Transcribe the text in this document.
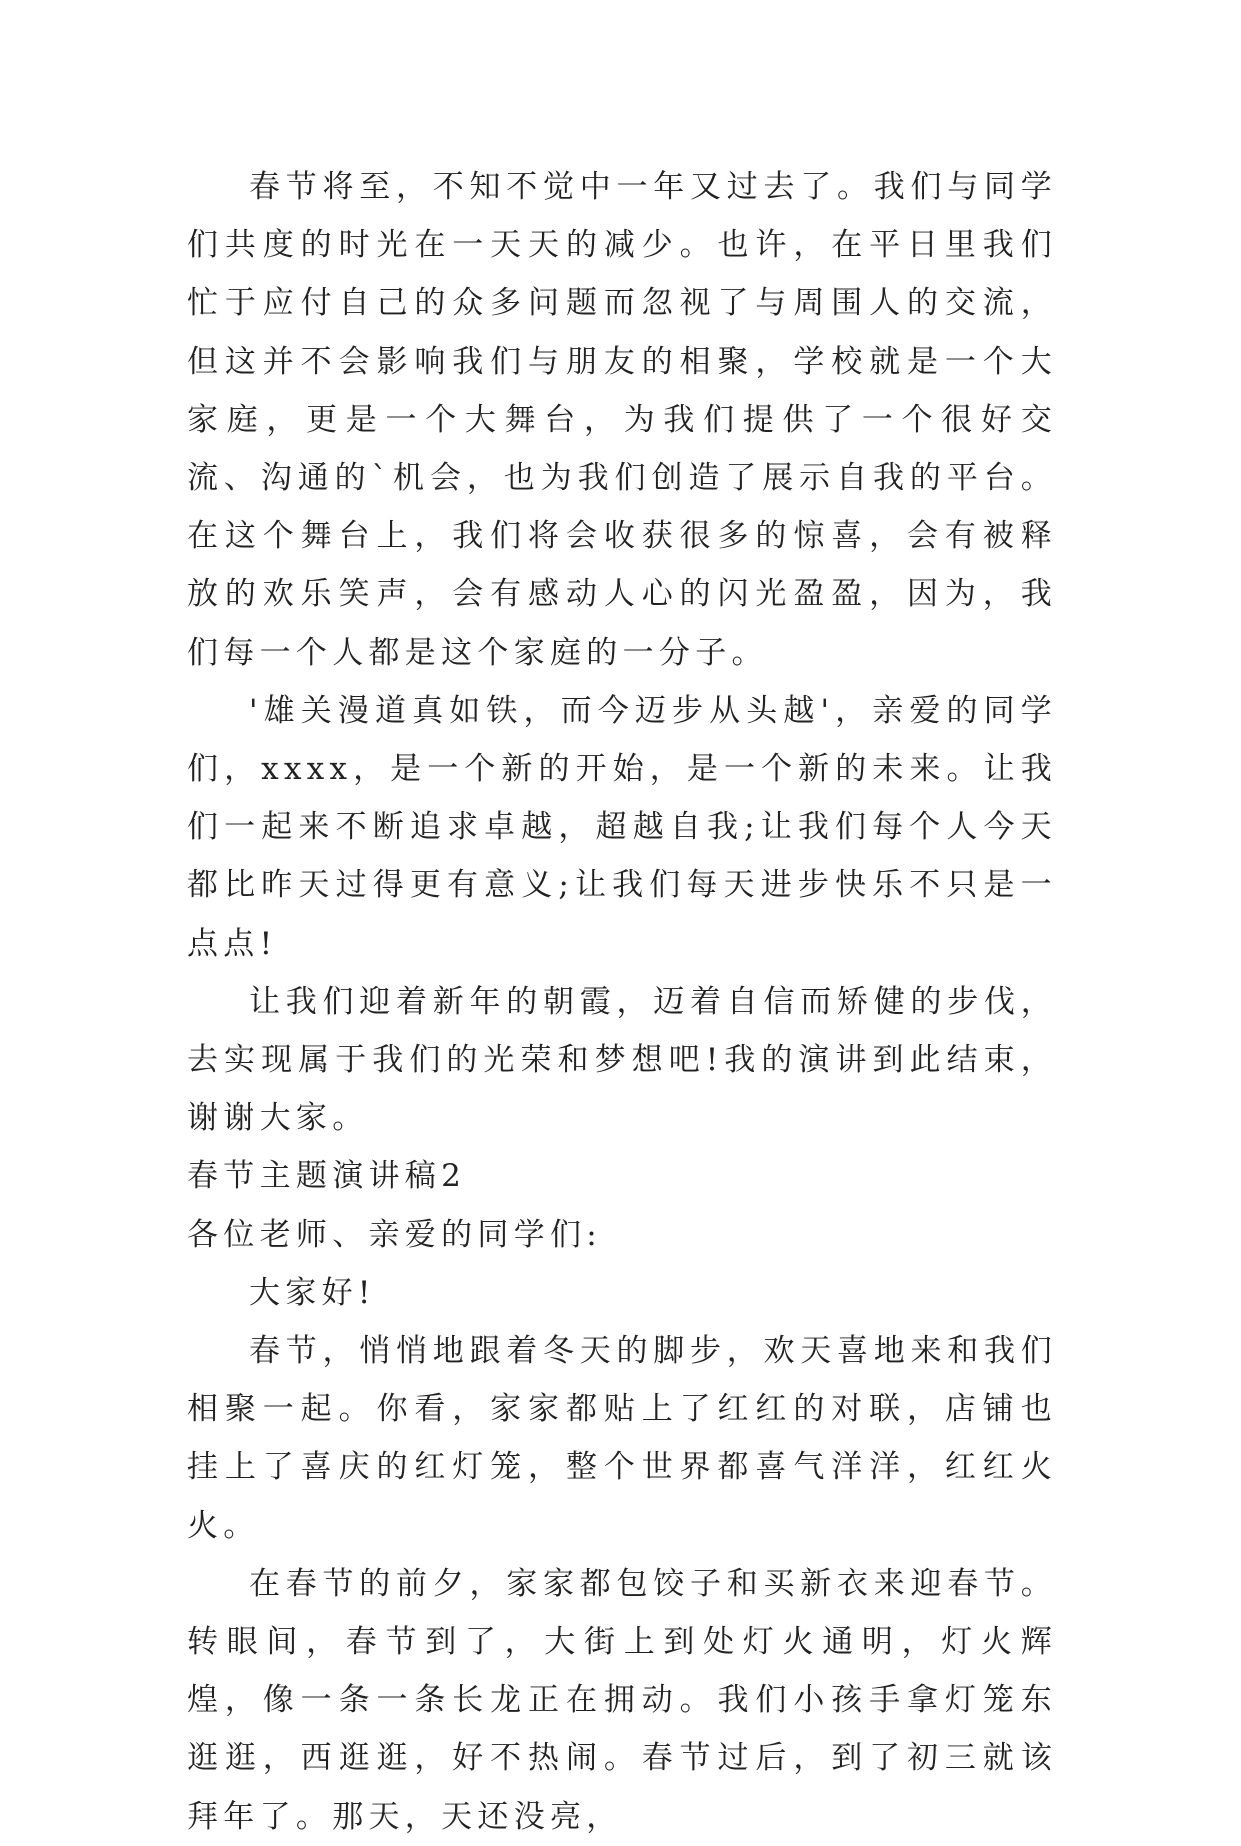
春节将至，不知不觉中一年又过去了。我们与同学们共度的时光在一天天的减少。也许，在平日里我们忙于应付自己的众多问题而忽视了与周围人的交流，但这并不会影响我们与朋友的相聚，学校就是一个大家庭，更是一个大舞台，为我们提供了一个很好交流、沟通的`机会，也为我们创造了展示自我的平台。在这个舞台上，我们将会收获很多的惊喜，会有被释放的欢乐笑声，会有感动人心的闪光盈盈，因为，我们每一个人都是这个家庭的一分子。

'雄关漫道真如铁，而今迈步从头越'，亲爱的同学们，xxxx，是一个新的开始，是一个新的未来。让我们一起来不断追求卓越，超越自我;让我们每个人今天都比昨天过得更有意义;让我们每天进步快乐不只是一点点!

让我们迎着新年的朝霞，迈着自信而矫健的步伐，去实现属于我们的光荣和梦想吧!我的演讲到此结束，谢谢大家。

春节主题演讲稿2

各位老师、亲爱的同学们:

大家好!

春节，悄悄地跟着冬天的脚步，欢天喜地来和我们相聚一起。你看，家家都贴上了红红的对联，店铺也挂上了喜庆的红灯笼，整个世界都喜气洋洋，红红火火。

在春节的前夕，家家都包饺子和买新衣来迎春节。转眼间，春节到了，大街上到处灯火通明，灯火辉煌，像一条一条长龙正在拥动。我们小孩手拿灯笼东逛逛，西逛逛，好不热闹。春节过后，到了初三就该拜年了。那天，天还没亮，
